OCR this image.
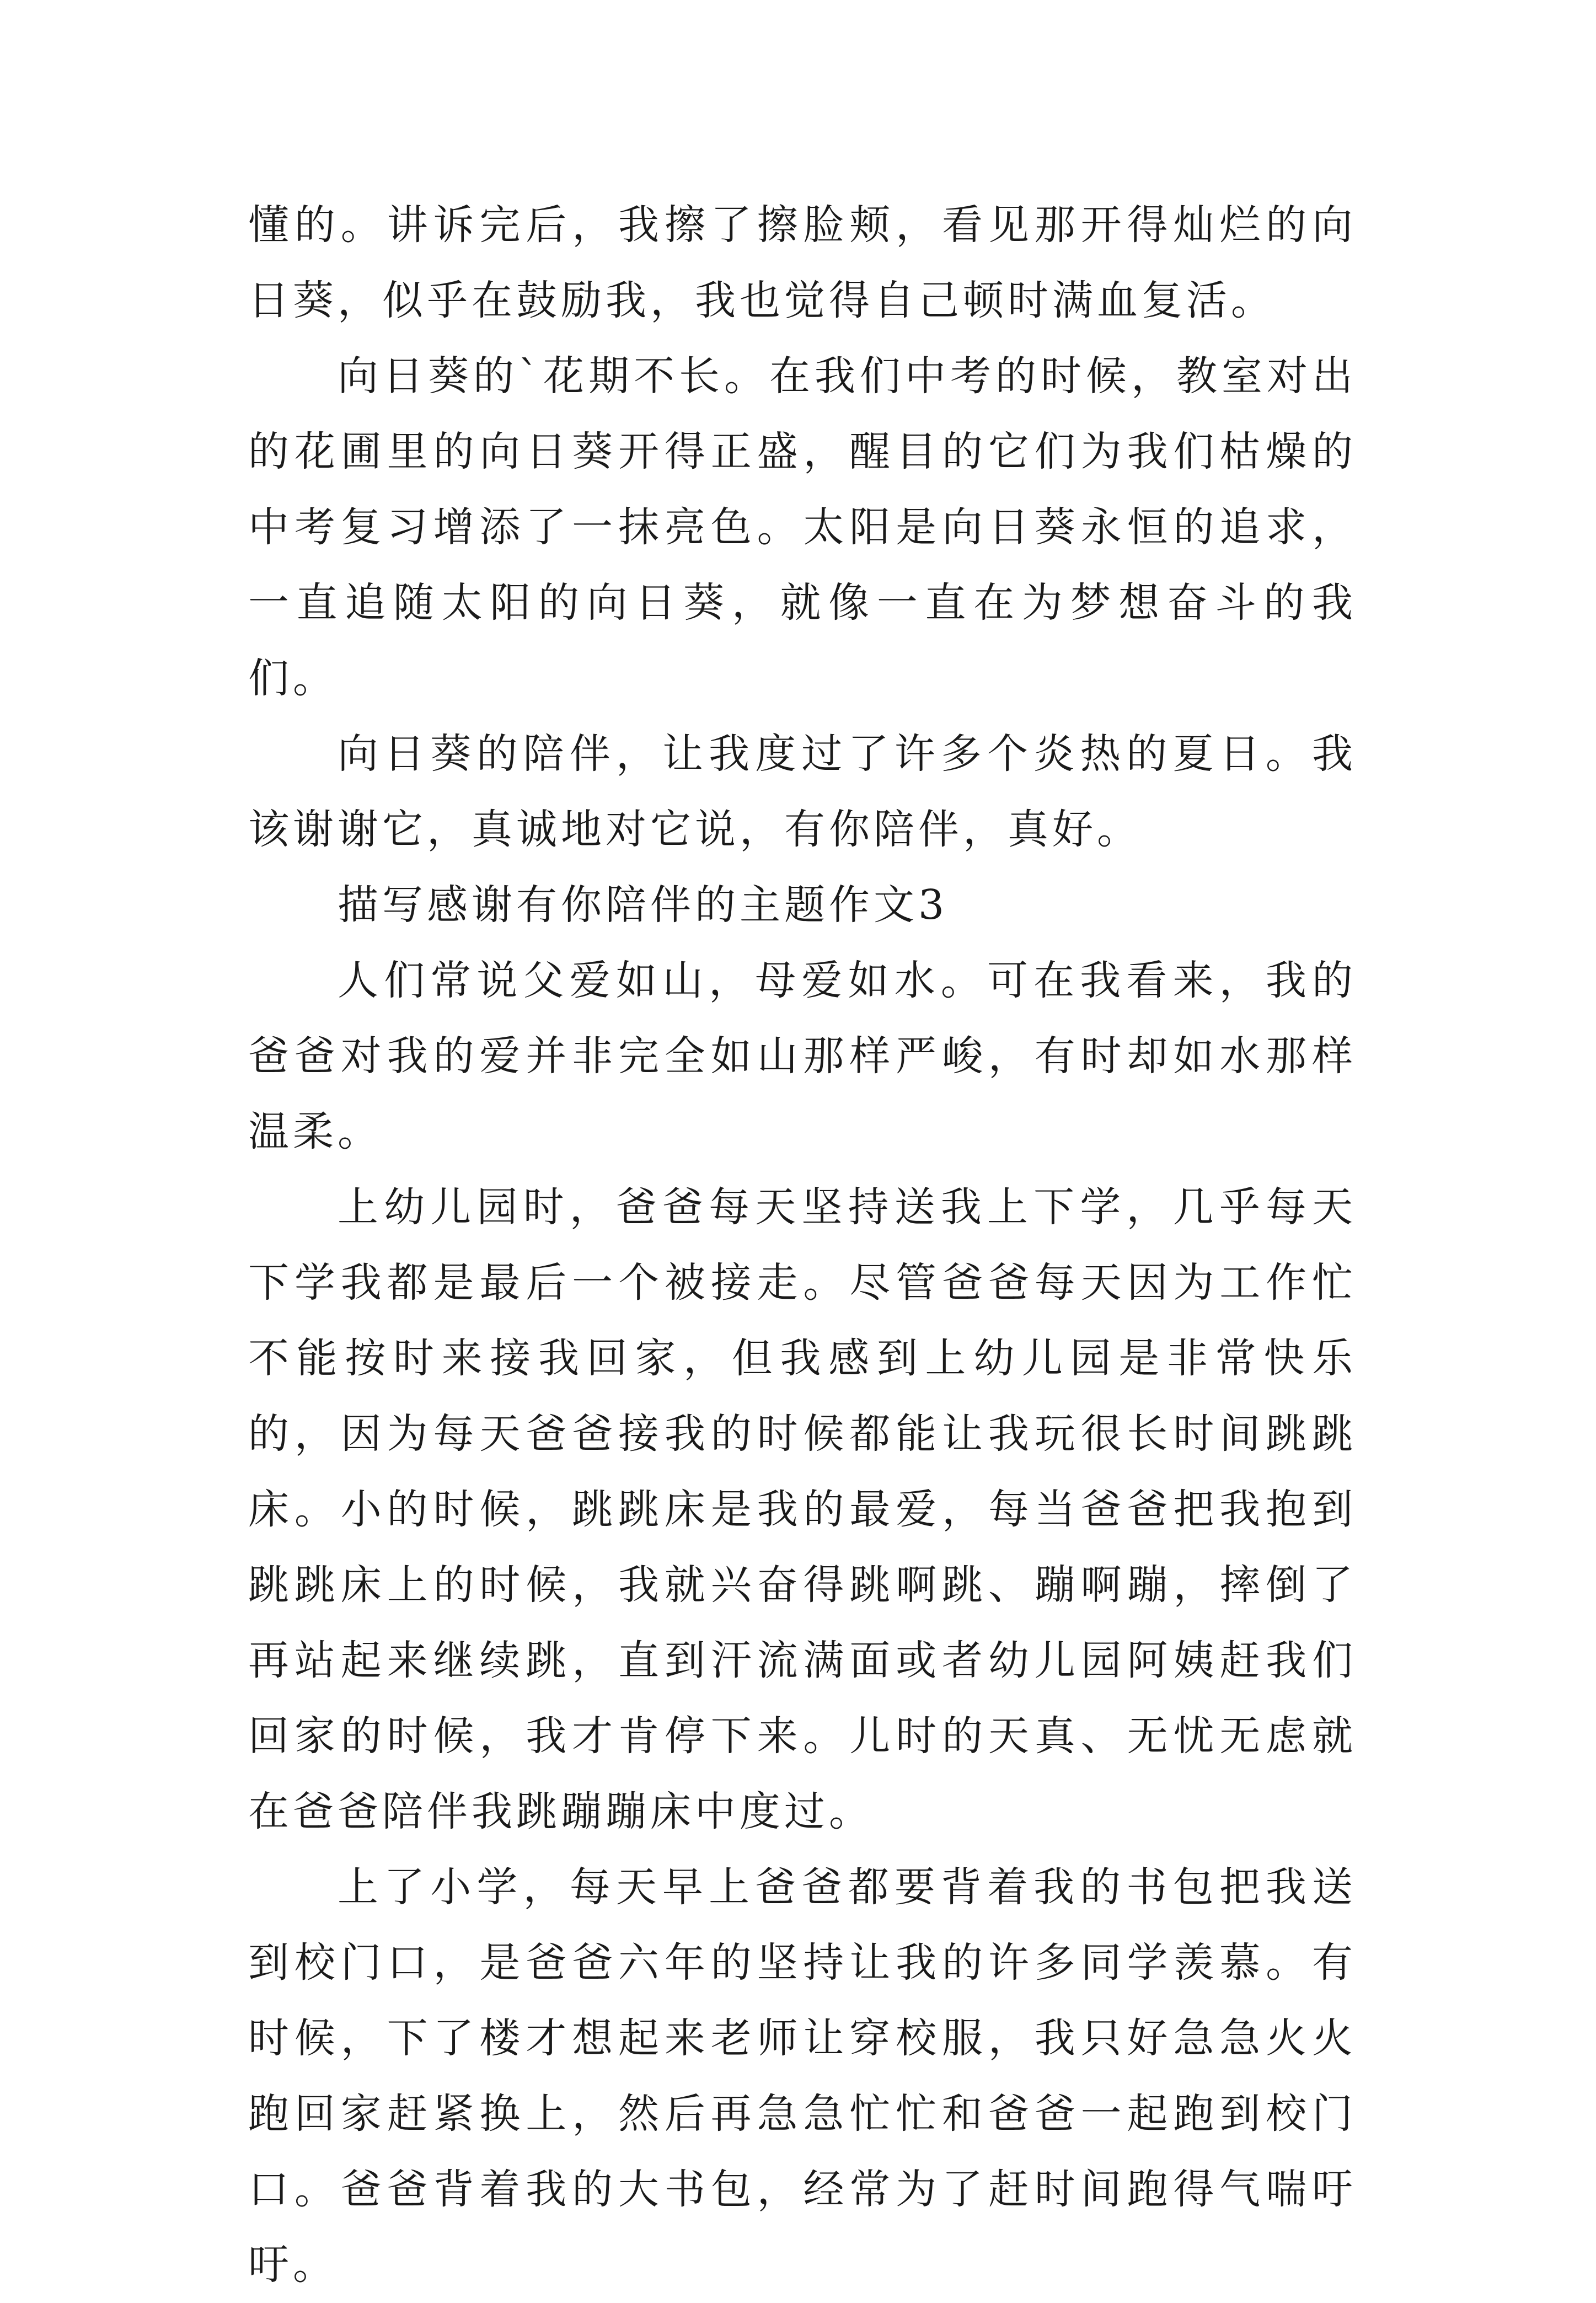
懂的。讲诉完后，我擦了擦脸颊，看见那开得灿烂的向日葵，似乎在鼓励我，我也觉得自己顿时满血复活。

向日葵的`花期不长。在我们中考的时候，教室对出的花圃里的向日葵开得正盛，醒目的它们为我们枯燥的中考复习增添了一抹亮色。太阳是向日葵永恒的追求，一直追随太阳的向日葵，就像一直在为梦想奋斗的我们。

向日葵的陪伴，让我度过了许多个炎热的夏日。我该谢谢它，真诚地对它说，有你陪伴，真好。

描写感谢有你陪伴的主题作文3

人们常说父爱如山，母爱如水。可在我看来，我的爸爸对我的爱并非完全如山那样严峻，有时却如水那样温柔。

上幼儿园时，爸爸每天坚持送我上下学，几乎每天下学我都是最后一个被接走。尽管爸爸每天因为工作忙不能按时来接我回家，但我感到上幼儿园是非常快乐的，因为每天爸爸接我的时候都能让我玩很长时间跳跳床。小的时候，跳跳床是我的最爱，每当爸爸把我抱到跳跳床上的时候，我就兴奋得跳啊跳、蹦啊蹦，摔倒了再站起来继续跳，直到汗流满面或者幼儿园阿姨赶我们回家的时候，我才肯停下来。儿时的天真、无忧无虑就在爸爸陪伴我跳蹦蹦床中度过。

上了小学，每天早上爸爸都要背着我的书包把我送到校门口，是爸爸六年的坚持让我的许多同学羡慕。有时候，下了楼才想起来老师让穿校服，我只好急急火火跑回家赶紧换上，然后再急急忙忙和爸爸一起跑到校门口。爸爸背着我的大书包，经常为了赶时间跑得气喘吁吁。
